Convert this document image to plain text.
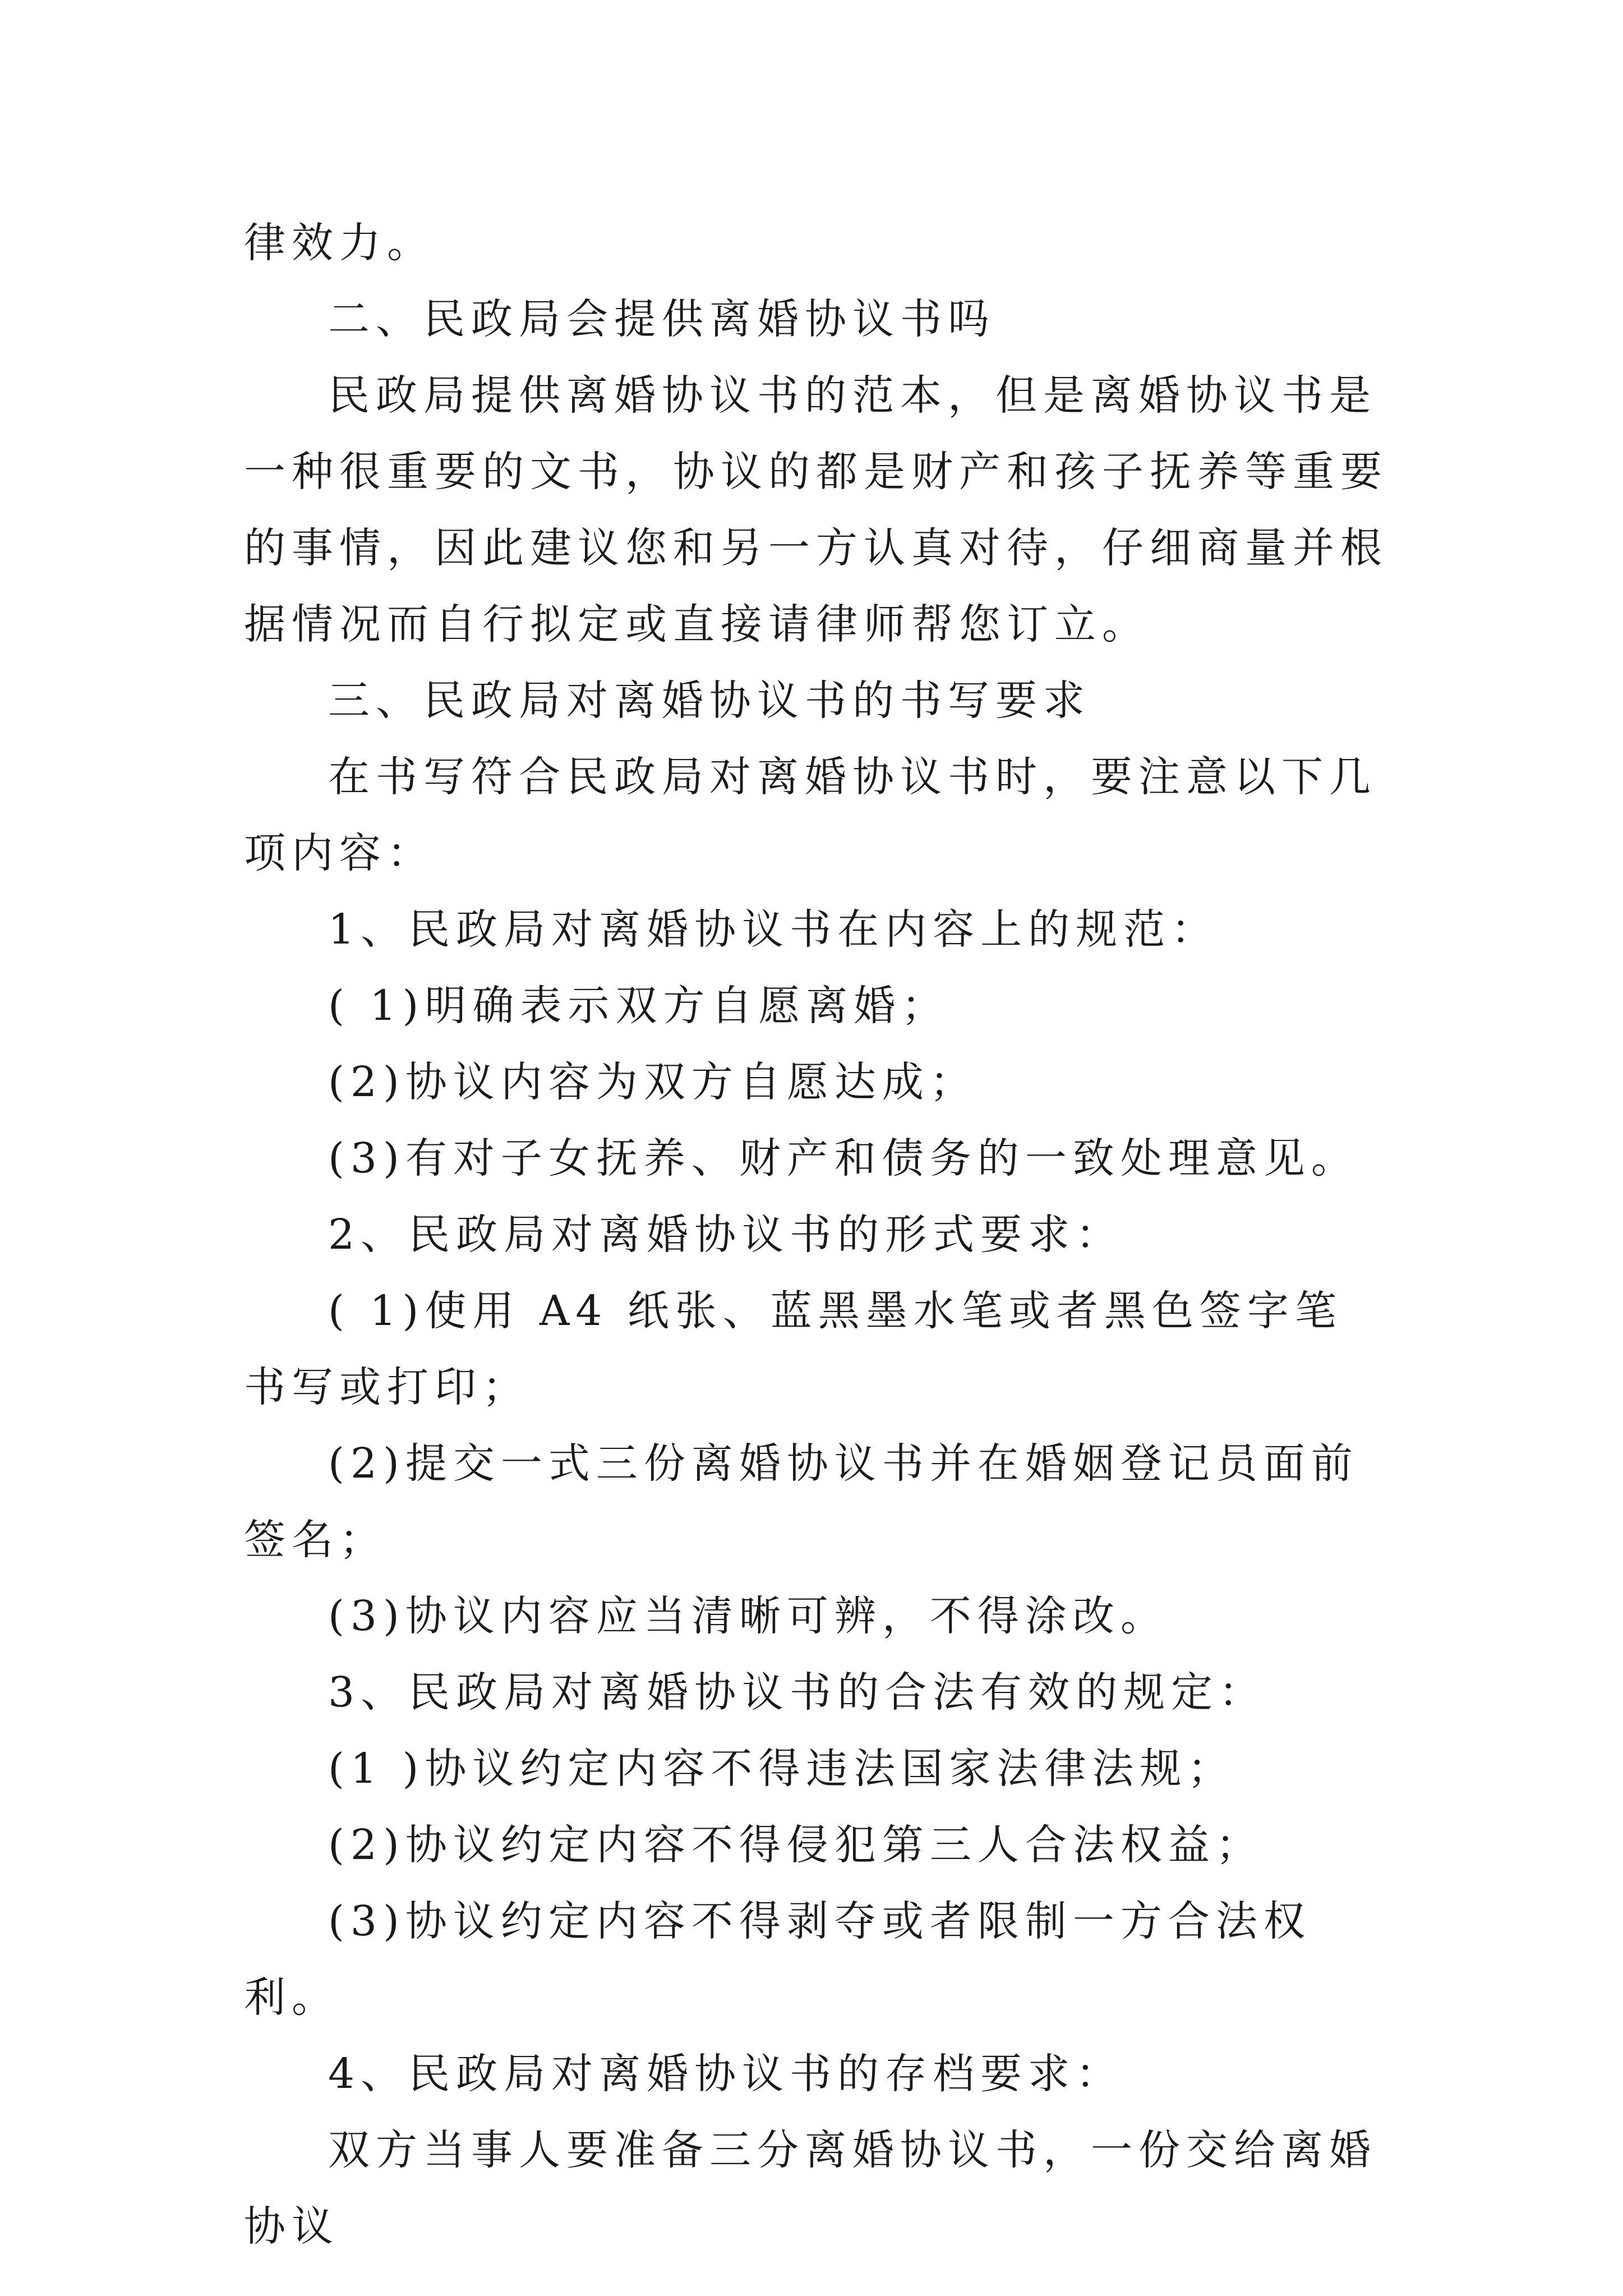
律效力。

二、民政局会提供离婚协议书吗

民政局提供离婚协议书的范本，但是离婚协议书是一种很重要的文书，协议的都是财产和孩子抚养等重要的事情，因此建议您和另一方认真对待，仔细商量并根据情况而自行拟定或直接请律师帮您订立。

三、民政局对离婚协议书的书写要求

在书写符合民政局对离婚协议书时，要注意以下几项内容：

1、民政局对离婚协议书在内容上的规范：

( 1)明确表示双方自愿离婚；

(2)协议内容为双方自愿达成；

(3)有对子女抚养、财产和债务的一致处理意见。

2、民政局对离婚协议书的形式要求：

( 1)使用 A4 纸张、蓝黑墨水笔或者黑色签字笔书写或打印；

(2)提交一式三份离婚协议书并在婚姻登记员面前签名；

(3)协议内容应当清晰可辨，不得涂改。

3、民政局对离婚协议书的合法有效的规定：

(1 )协议约定内容不得违法国家法律法规；

(2)协议约定内容不得侵犯第三人合法权益；

(3)协议约定内容不得剥夺或者限制一方合法权利。

4、民政局对离婚协议书的存档要求：

双方当事人要准备三分离婚协议书，一份交给离婚协议
